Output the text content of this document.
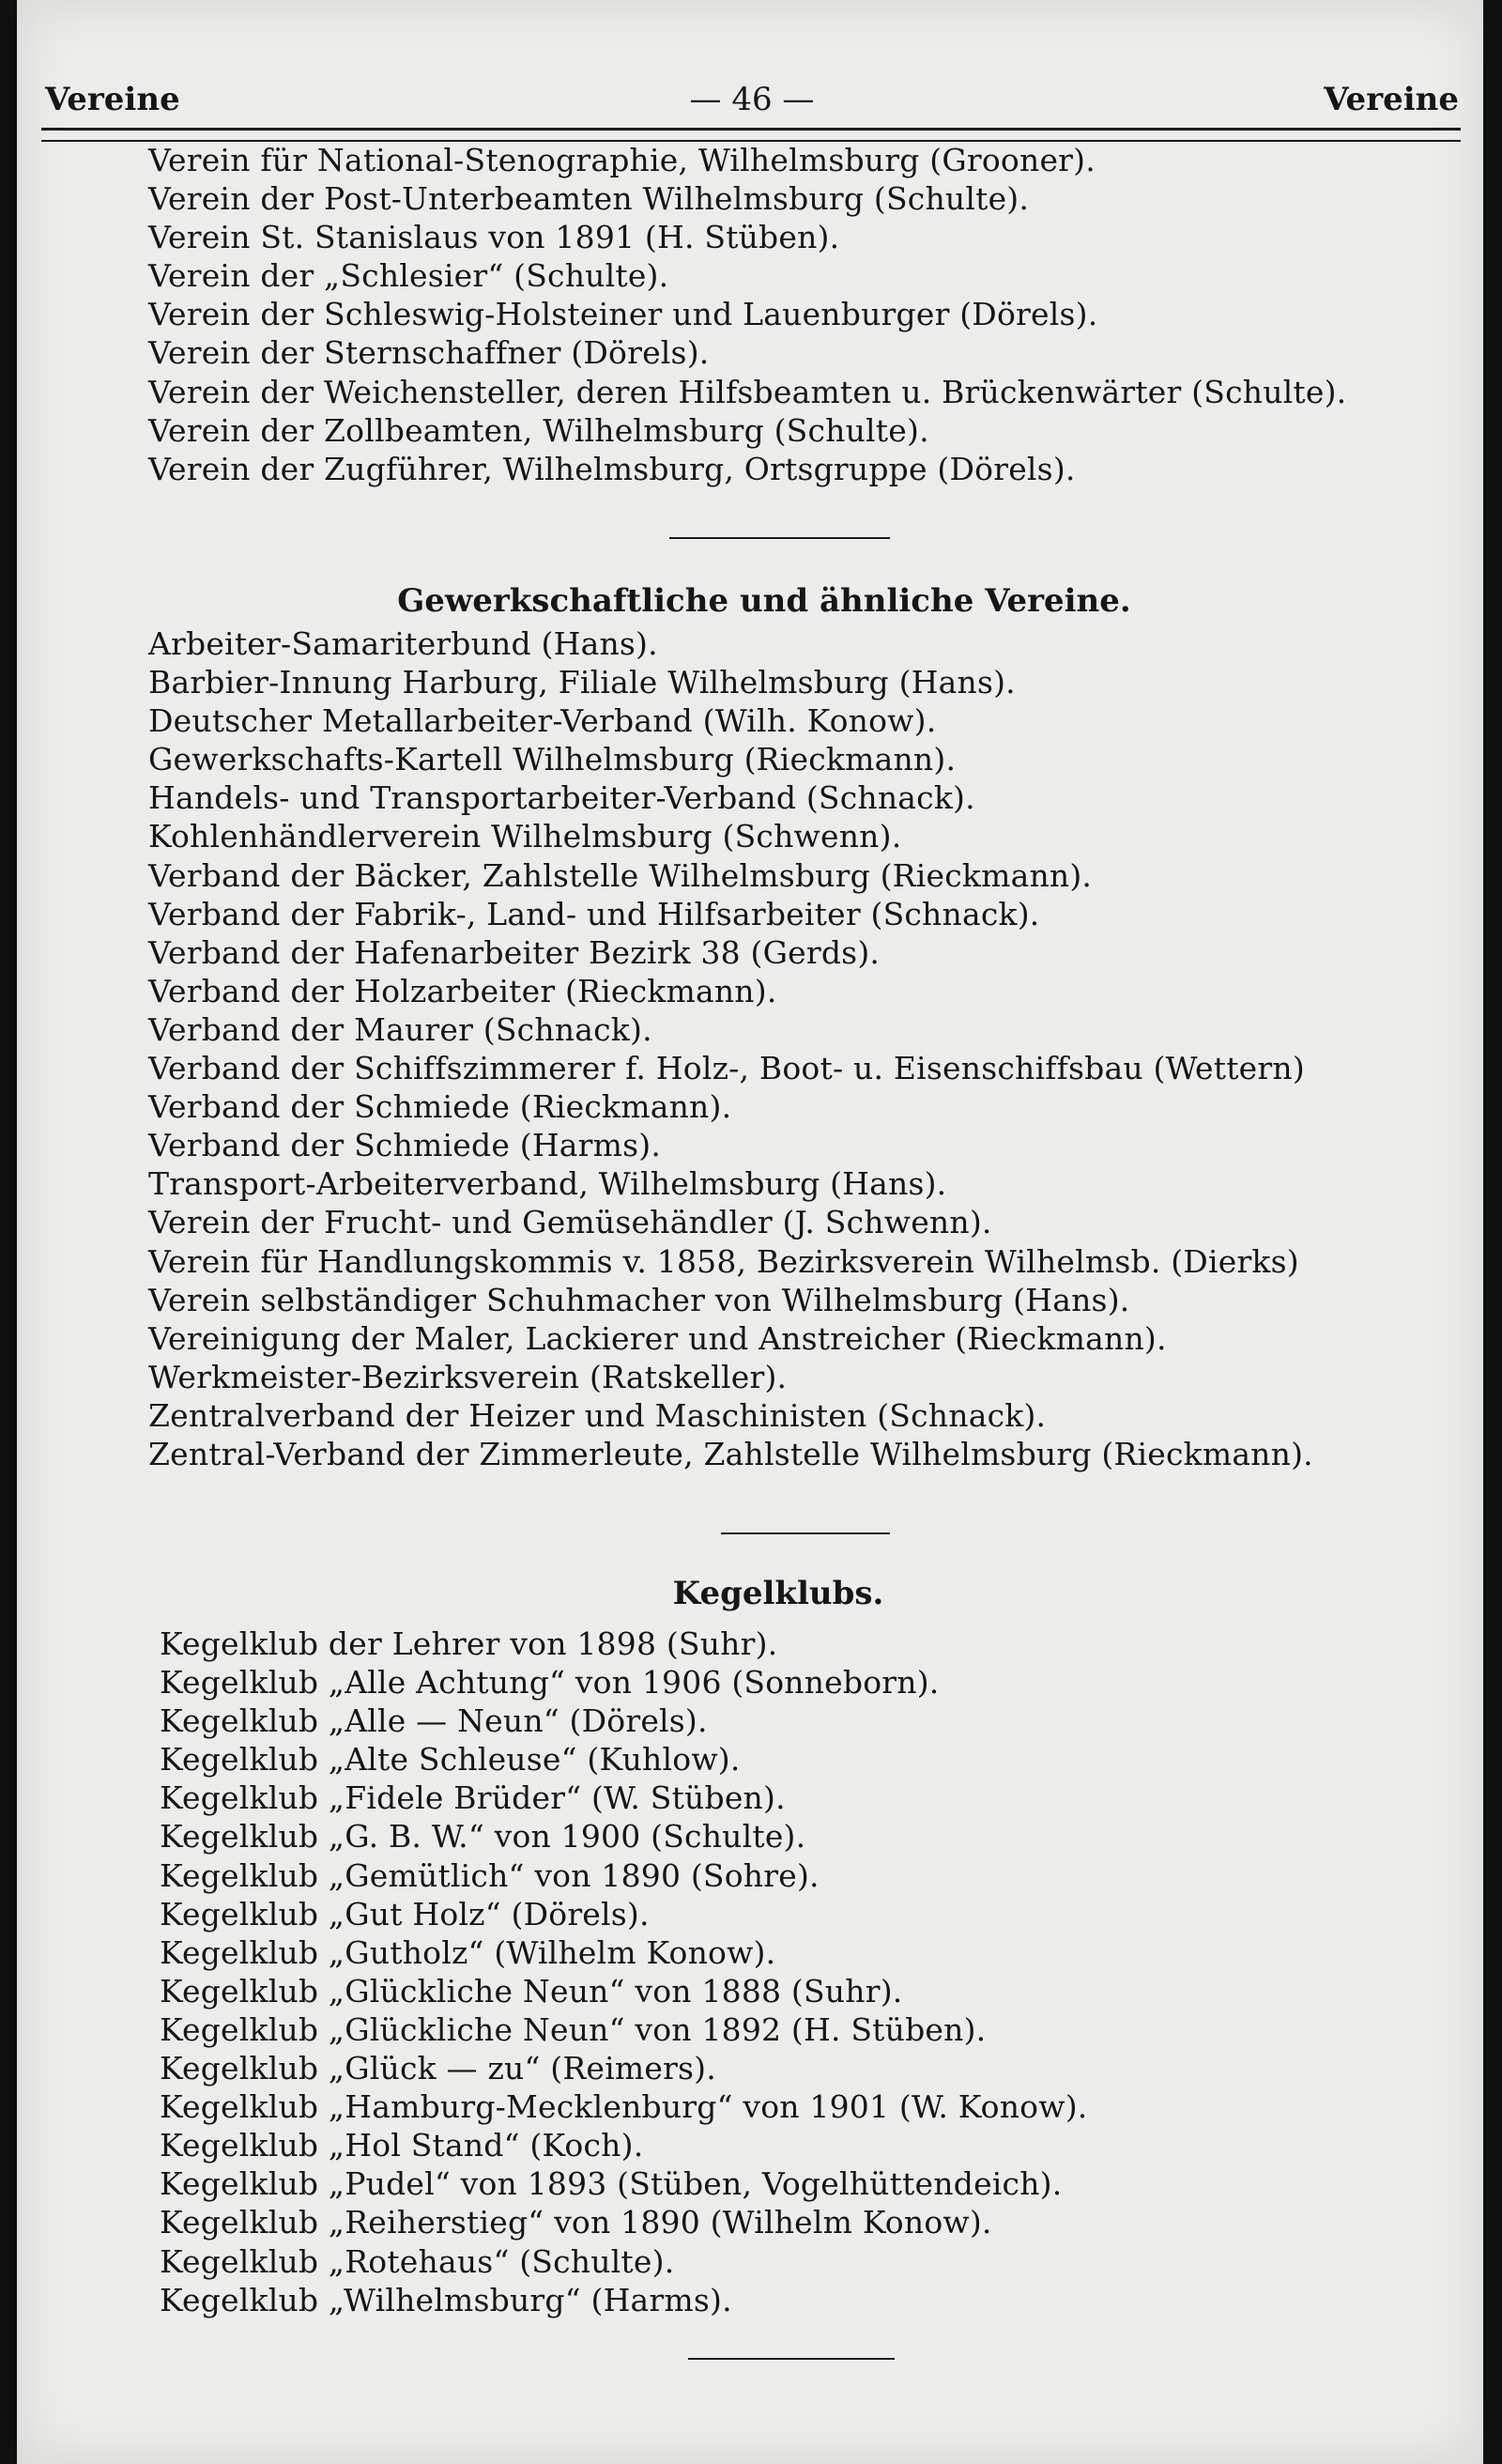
Vereine	— 46 —	Vereine
Verein für National-Stenographie, Wilhelmsburg (Grooner).
Verein der Post-Unterbeamten Wilhelmsburg (Schulte).
Verein St. Stanislaus von 1891 (H. Stüben).
Verein der „Schlesier“ (Schulte).
Verein der Schleswig-Holsteiner und Lauenburger (Dörels).
Verein der Sternschaffner (Dörels).
Verein der Weichensteller, deren Hilfsbeamten u. Brückenwärter (Schulte).
Verein der Zollbeamten, Wilhelmsburg (Schulte).
Verein der Zugführer, Wilhelmsburg, Ortsgruppe (Dörels).
Gewerkschaftliche und ähnliche Vereine.
Arbeiter-Samariterbund (Hans).
Barbier-Innung Harburg, Filiale Wilhelmsburg (Hans).
Deutscher Metallarbeiter-Verband (Wilh. Konow).
Gewerkschafts-Kartell Wilhelmsburg (Rieckmann).
Handels- und Transportarbeiter-Verband (Schnack).
Kohlenhändlerverein Wilhelmsburg (Schwenn).
Verband der Bäcker, Zahlstelle Wilhelmsburg (Rieckmann).
Verband der Fabrik-, Land- und Hilfsarbeiter (Schnack).
Verband der Hafenarbeiter Bezirk 38 (Gerds).
Verband der Holzarbeiter (Rieckmann).
Verband der Maurer (Schnack).
Verband der Schiffszimmerer f. Holz-, Boot- u. Eisenschiffsbau (Wettern)
Verband der Schmiede (Rieckmann).
Verband der Schmiede (Harms).
Transport-Arbeiterverband, Wilhelmsburg (Hans).
Verein der Frucht- und Gemüsehändler (J. Schwenn).
Verein für Handlungskommis v. 1858, Bezirksverein Wilhelmsb. (Dierks)
Verein selbständiger Schuhmacher von Wilhelmsburg (Hans).
Vereinigung der Maler, Lackierer und Anstreicher (Rieckmann).
Werkmeister-Bezirksverein (Ratskeller).
Zentralverband der Heizer und Maschinisten (Schnack).
Zentral-Verband der Zimmerleute, Zahlstelle Wilhelmsburg (Rieckmann).
Kegelklubs.
Kegelklub der Lehrer von 1898 (Suhr).
Kegelklub „Alle Achtung“ von 1906 (Sonneborn).
Kegelklub „Alle — Neun“ (Dörels).
Kegelklub „Alte Schleuse“ (Kuhlow).
Kegelklub „Fidele Brüder“ (W. Stüben).
Kegelklub „G. B. W.“ von 1900 (Schulte).
Kegelklub „Gemütlich“ von 1890 (Sohre).
Kegelklub „Gut Holz“ (Dörels).
Kegelklub „Gutholz“ (Wilhelm Konow).
Kegelklub „Glückliche Neun“ von 1888 (Suhr).
Kegelklub „Glückliche Neun“ von 1892 (H. Stüben).
Kegelklub „Glück — zu“ (Reimers).
Kegelklub „Hamburg-Mecklenburg“ von 1901 (W. Konow).
Kegelklub „Hol Stand“ (Koch).
Kegelklub „Pudel“ von 1893 (Stüben, Vogelhüttendeich).
Kegelklub „Reiherstieg“ von 1890 (Wilhelm Konow).
Kegelklub „Rotehaus“ (Schulte).
Kegelklub „Wilhelmsburg“ (Harms).
